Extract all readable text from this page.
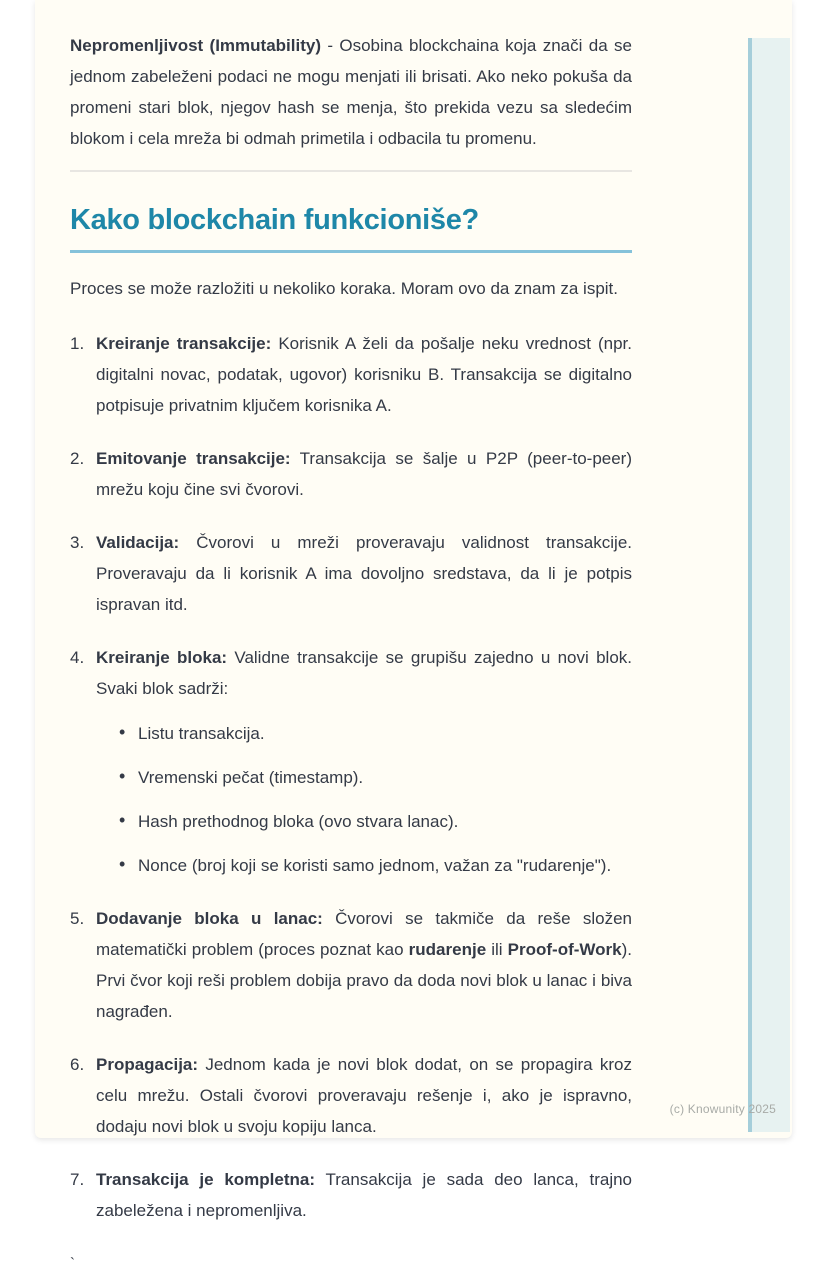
Nepromenljivost (Immutability) - Osobina blockchaina koja znači da se jednom zabeleženi podaci ne mogu menjati ili brisati. Ako neko pokuša da promeni stari blok, njegov hash se menja, što prekida vezu sa sledećim blokom i cela mreža bi odmah primetila i odbacila tu promenu.

Kako blockchain funkcioniše?

Proces se može razložiti u nekoliko koraka. Moram ovo da znam za ispit.

1. Kreiranje transakcije: Korisnik A želi da pošalje neku vrednost (npr. digitalni novac, podatak, ugovor) korisniku B. Transakcija se digitalno potpisuje privatnim ključem korisnika A.
2. Emitovanje transakcije: Transakcija se šalje u P2P (peer-to-peer) mrežu koju čine svi čvorovi.
3. Validacija: Čvorovi u mreži proveravaju validnost transakcije. Proveravaju da li korisnik A ima dovoljno sredstava, da li je potpis ispravan itd.
4. Kreiranje bloka: Validne transakcije se grupišu zajedno u novi blok. Svaki blok sadrži:
• Listu transakcija.
• Vremenski pečat (timestamp).
• Hash prethodnog bloka (ovo stvara lanac).
• Nonce (broj koji se koristi samo jednom, važan za "rudarenje").
5. Dodavanje bloka u lanac: Čvorovi se takmiče da reše složen matematički problem (proces poznat kao rudarenje ili Proof-of-Work). Prvi čvor koji reši problem dobija pravo da doda novi blok u lanac i biva nagrađen.
6. Propagacija: Jednom kada je novi blok dodat, on se propagira kroz celu mrežu. Ostali čvorovi proveravaju rešenje i, ako je ispravno, dodaju novi blok u svoju kopiju lanca.
7. Transakcija je kompletna: Transakcija je sada deo lanca, trajno zabeležena i nepromenljiva.

`

(c) Knowunity 2025
